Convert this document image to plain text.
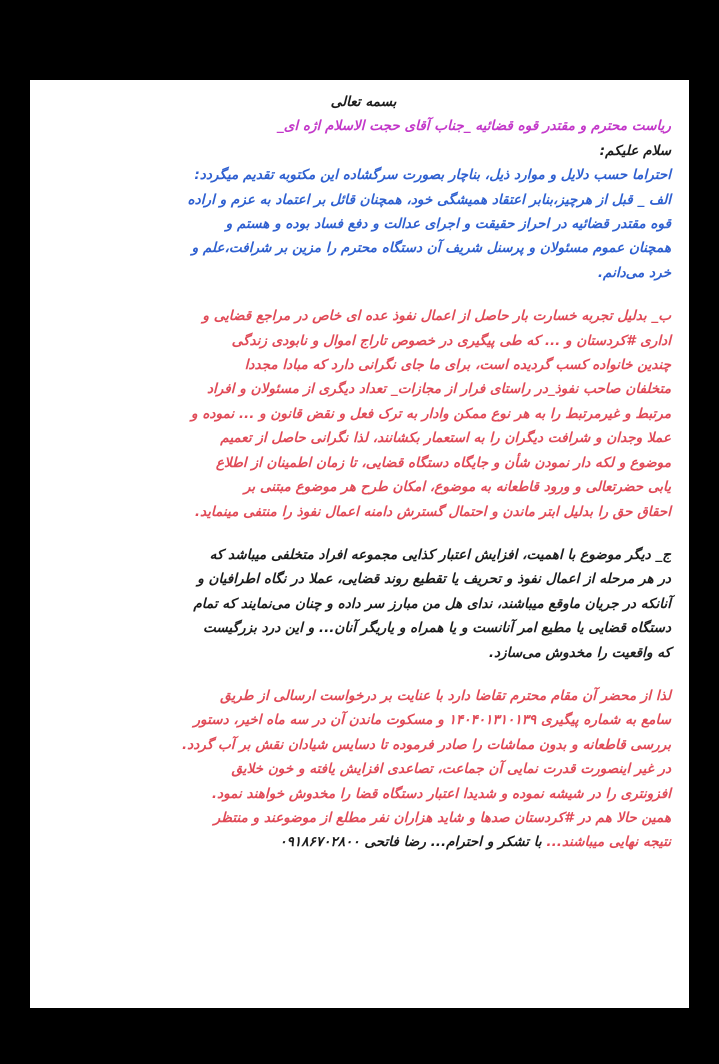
بسمه تعالی
ریاست محترم و مقتدر قوه قضائیه _جناب آقای حجت الاسلام اژه ای_
سلام علیکم:
احتراما حسب دلایل و موارد ذیل، بناچار بصورت سرگشاده این مکتوبه تقدیم میگردد:
الف _ قبل از هرچیز،بنابر اعتقاد همیشگی خود، همچنان قائل بر اعتماد به عزم و اراده
قوه مقتدر قضائیه در احراز حقیقت و اجرای عدالت و دفع فساد بوده و هستم و
همچنان عموم مسئولان و پرسنل شریف آن دستگاه محترم را مزین بر شرافت،علم و
خرد می‌دانم.
ب_ بدلیل تجربه خسارت بار حاصل از اعمال نفوذ عده ای خاص در مراجع قضایی و
اداری #کردستان و ... که طی پیگیری در خصوص تاراج اموال و نابودی زندگی
چندین خانواده کسب گردیده است، برای ما جای نگرانی دارد که مبادا مجددا
متخلفان صاحب نفوذ_در راستای فرار از مجازات_ تعداد دیگری از مسئولان و افراد
مرتبط و غیرمرتبط را به هر نوع ممکن وادار به ترک فعل و نقض قانون و ... نموده و
عملا وجدان و شرافت دیگران را به استعمار بکشانند، لذا نگرانی حاصل از تعمیم
موضوع و لکه دار نمودن شأن و جایگاه دستگاه قضایی، تا زمان اطمینان از اطلاع
یابی حضرتعالی و ورود قاطعانه به موضوع، امکان طرح هر موضوع مبتنی بر
احقاق حق را بدلیل ابتر ماندن و احتمال گسترش دامنه اعمال نفوذ را منتفی مینماید.
ج_ دیگر موضوع با اهمیت، افزایش اعتبار کذایی مجموعه افراد متخلفی میباشد که
در هر مرحله از اعمال نفوذ و تحریف یا تقطیع روند قضایی، عملا در نگاه اطرافیان و
آنانکه در جریان ماوقع میباشند، ندای هل من مبارز سر داده و چنان می‌نمایند که تمام
دستگاه قضایی یا مطیع امر آنانست و یا همراه و یاریگر آنان... و این درد بزرگیست
که واقعیت را مخدوش می‌سازد.
لذا از محضر آن مقام محترم تقاضا دارد با عنایت بر درخواست ارسالی از طریق
سامع به شماره پیگیری ۱۴۰۴۰۱۳۱۰۱۳۹ و مسکوت ماندن آن در سه ماه اخیر، دستور
بررسی قاطعانه و بدون مماشات را صادر فرموده تا دسایس شیادان نقش بر آب گردد.
در غیر اینصورت قدرت نمایی آن جماعت، تصاعدی افزایش یافته و خون خلایق
افزونتری را در شیشه نموده و شدیدا اعتبار دستگاه قضا را مخدوش خواهند نمود.
همین حالا هم در #کردستان صدها و شاید هزاران نفر مطلع از موضوعند و منتظر
نتیجه نهایی میباشند... با تشکر و احترام... رضا فاتحی ۰۹۱۸۶۷۰۲۸۰۰
